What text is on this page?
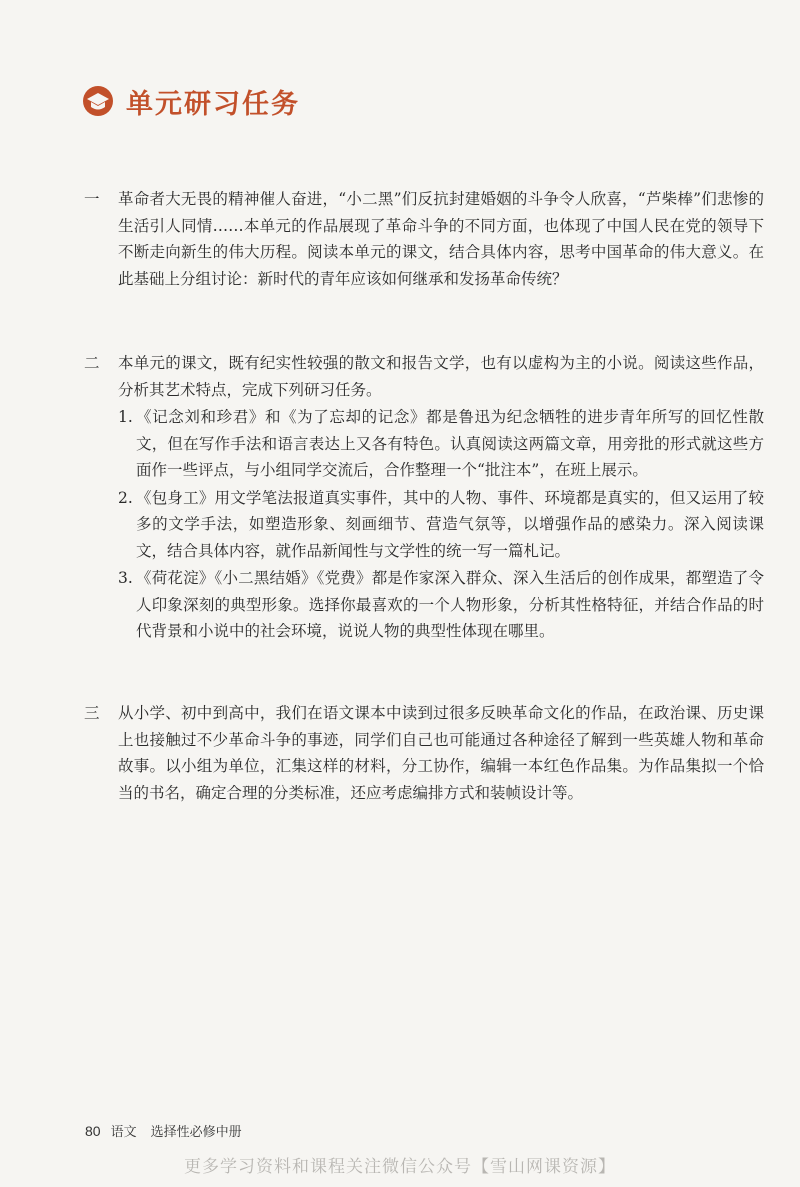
单元研习任务
一	革命者大无畏的精神催人奋进，“小二黑”们反抗封建婚姻的斗争令人欣喜，“芦柴棒”们悲惨的生活引人同情……本单元的作品展现了革命斗争的不同方面，也体现了中国人民在党的领导下不断走向新生的伟大历程。阅读本单元的课文，结合具体内容，思考中国革命的伟大意义。在此基础上分组讨论：新时代的青年应该如何继承和发扬革命传统？
二	本单元的课文，既有纪实性较强的散文和报告文学，也有以虚构为主的小说。阅读这些作品，分析其艺术特点，完成下列研习任务。
1. 《记念刘和珍君》和《为了忘却的记念》都是鲁迅为纪念牺牲的进步青年所写的回忆性散文，但在写作手法和语言表达上又各有特色。认真阅读这两篇文章，用旁批的形式就这些方面作一些评点，与小组同学交流后，合作整理一个“批注本”，在班上展示。
2. 《包身工》用文学笔法报道真实事件，其中的人物、事件、环境都是真实的，但又运用了较多的文学手法，如塑造形象、刻画细节、营造气氛等，以增强作品的感染力。深入阅读课文，结合具体内容，就作品新闻性与文学性的统一写一篇札记。
3. 《荷花淀》《小二黑结婚》《党费》都是作家深入群众、深入生活后的创作成果，都塑造了令人印象深刻的典型形象。选择你最喜欢的一个人物形象，分析其性格特征，并结合作品的时代背景和小说中的社会环境，说说人物的典型性体现在哪里。
三	从小学、初中到高中，我们在语文课本中读到过很多反映革命文化的作品，在政治课、历史课上也接触过不少革命斗争的事迹，同学们自己也可能通过各种途径了解到一些英雄人物和革命故事。以小组为单位，汇集这样的材料，分工协作，编辑一本红色作品集。为作品集拟一个恰当的书名，确定合理的分类标准，还应考虑编排方式和装帧设计等。
80 语文 选择性必修中册
更多学习资料和课程关注微信公众号【雪山网课资源】
